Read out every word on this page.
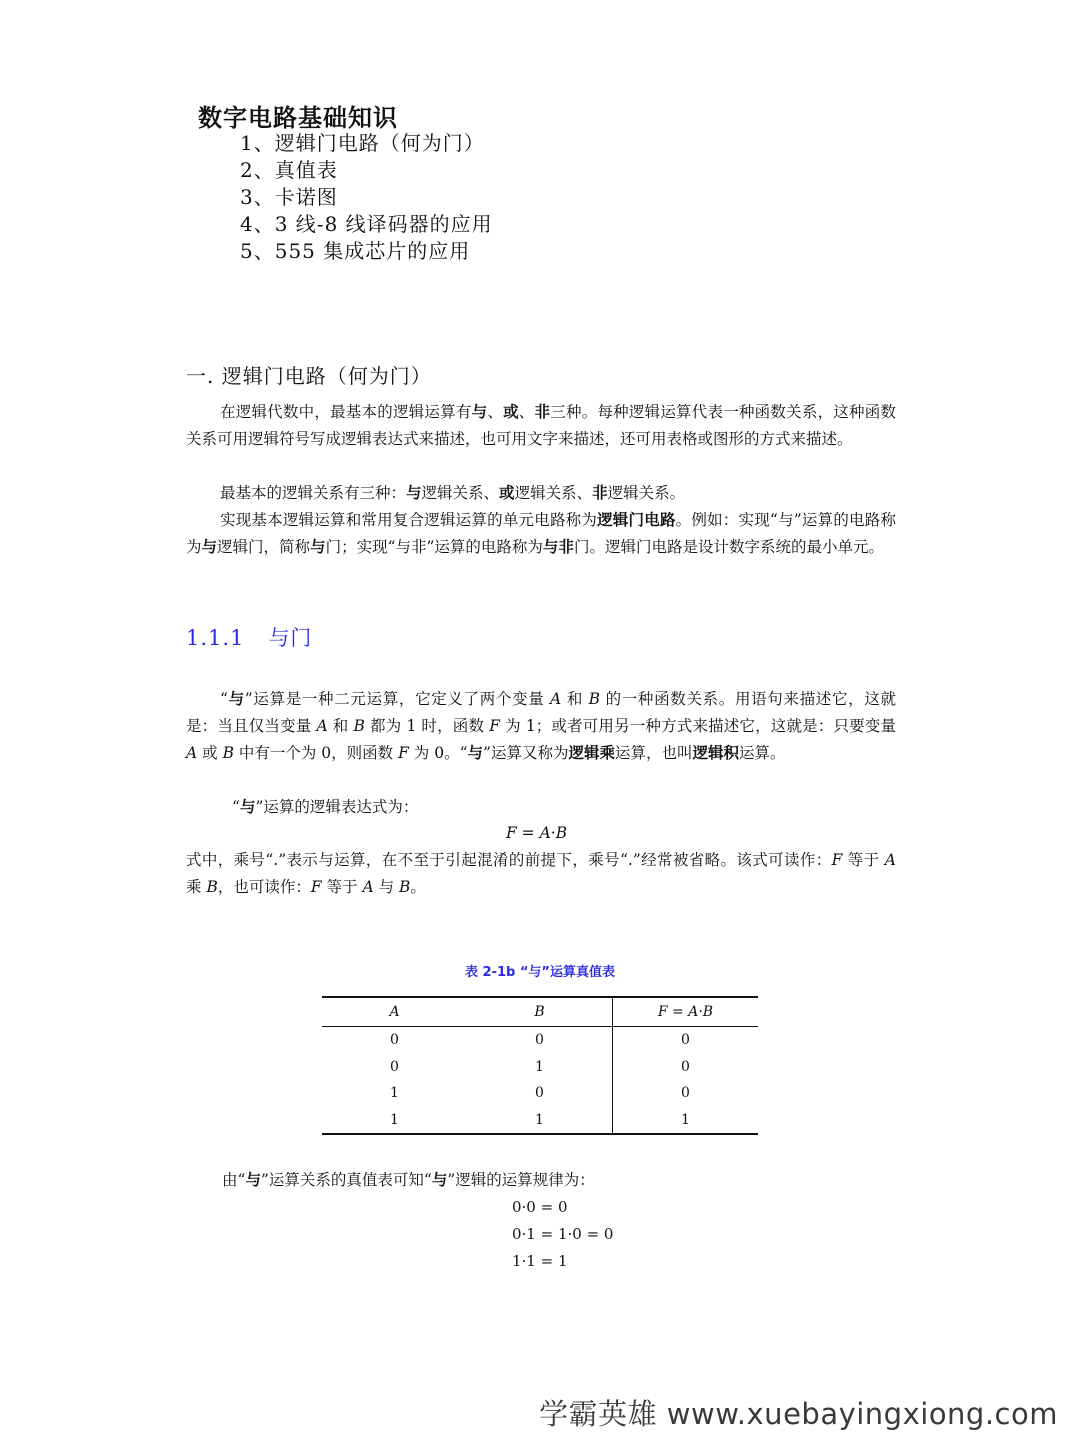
数字电路基础知识
1、逻辑门电路（何为门）
2、真值表
3、卡诺图
4、3 线-8 线译码器的应用
5、555 集成芯片的应用
一. 逻辑门电路（何为门）

在逻辑代数中，最基本的逻辑运算有与、或、非三种。每种逻辑运算代表一种函数关系，这种函数关系可用逻辑符号写成逻辑表达式来描述，也可用文字来描述，还可用表格或图形的方式来描述。

最基本的逻辑关系有三种：与逻辑关系、或逻辑关系、非逻辑关系。

实现基本逻辑运算和常用复合逻辑运算的单元电路称为逻辑门电路。例如：实现“与”运算的电路称为与逻辑门，简称与门；实现“与非”运算的电路称为与非门。逻辑门电路是设计数字系统的最小单元。

1.1.1 与门

“与”运算是一种二元运算，它定义了两个变量 A 和 B 的一种函数关系。用语句来描述它，这就是：当且仅当变量 A 和 B 都为 1 时，函数 F 为 1；或者可用另一种方式来描述它，这就是：只要变量 A 或 B 中有一个为 0，则函数 F 为 0。“与”运算又称为逻辑乘运算，也叫逻辑积运算。

“与”运算的逻辑表达式为：

F = A·B

式中，乘号“.”表示与运算，在不至于引起混淆的前提下，乘号“.”经常被省略。该式可读作：F 等于 A 乘 B，也可读作：F 等于 A 与 B。

表 2-1b “与”运算真值表

A	B	F = A·B
0	0	0
0	1	0
1	0	0
1	1	1

由“与”运算关系的真值表可知“与”逻辑的运算规律为：

0·0 = 0
0·1 = 1·0 = 0
1·1 = 1
学霸英雄 www.xuebayingxiong.com
